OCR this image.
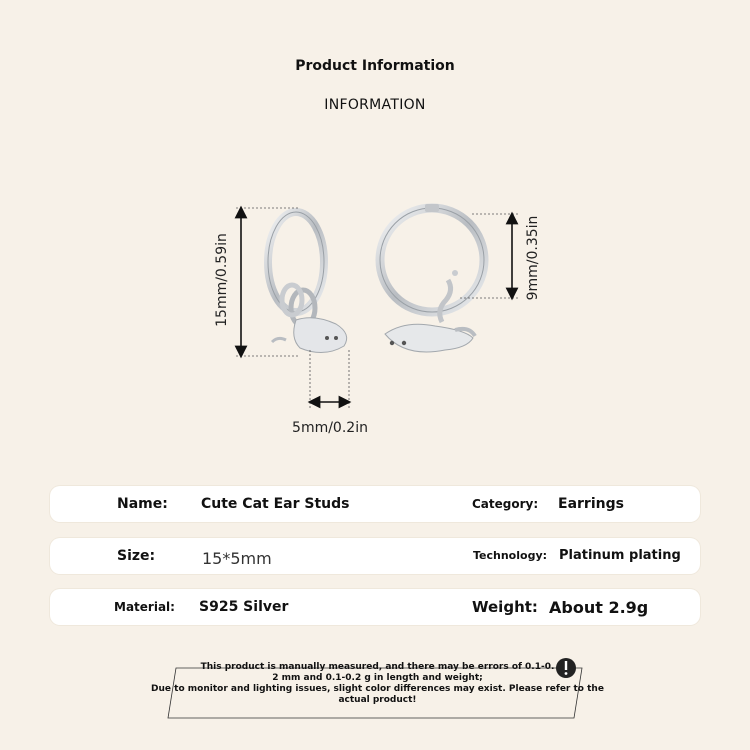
Product Information
INFORMATION
15mm/0.59in	9mm/0.35in
5mm/0.2in
Name: Cute Cat Ear Studs	Category: Earrings
Size:	15*5mm	Technology: Platinum plating
Material: S925 Silver	Weight: About 2.9g
This product is manually measured, and there may be errors of 0.1-0.
2 mm and 0.1-0.2 g in length and weight;
Due to monitor and lighting issues, slight color differences may exist. Please refer to the
actual product!
